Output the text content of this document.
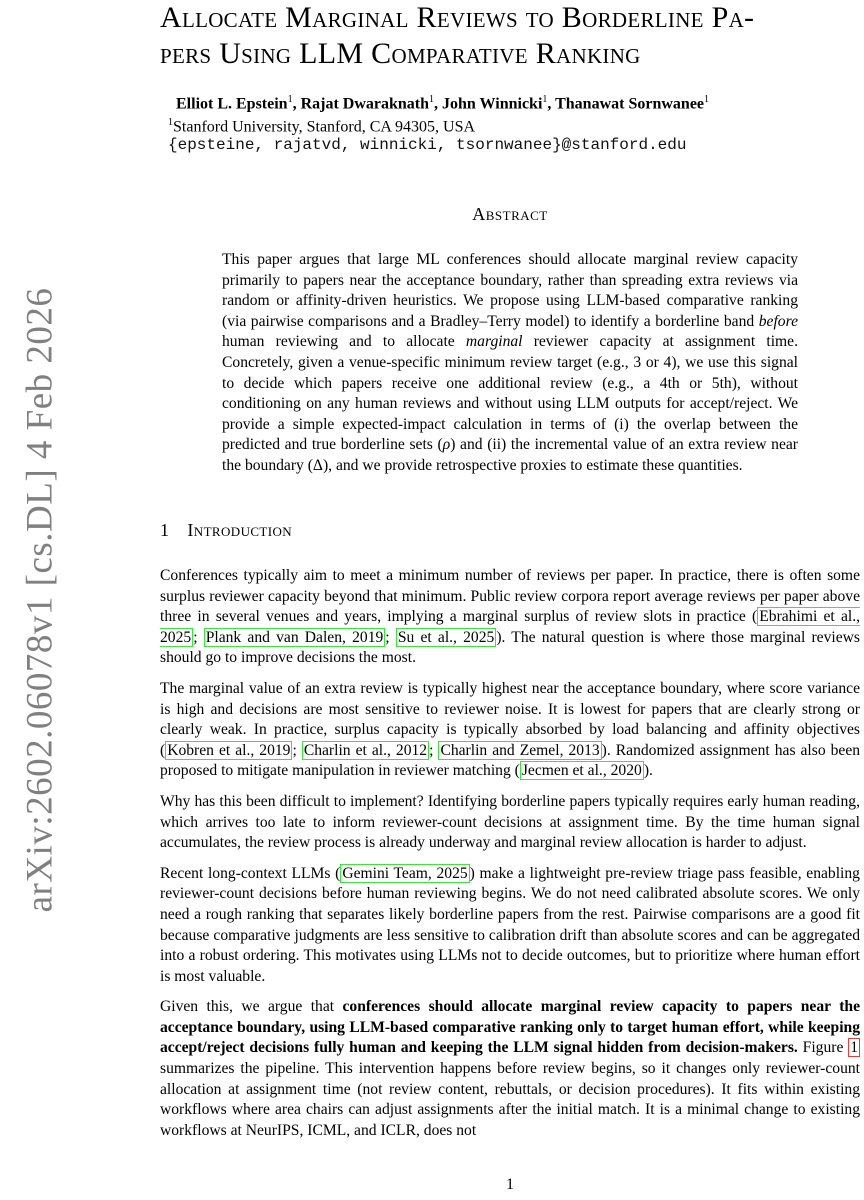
arXiv:2602.06078v1 [cs.DL] 4 Feb 2026
Allocate Marginal Reviews to Borderline Pa-
pers Using LLM Comparative Ranking
Elliot L. Epstein$^1$, Rajat Dwaraknath$^1$, John Winnicki$^1$, Thanawat Sornwanee$^1$
$^1$Stanford University, Stanford, CA 94305, USA
{epsteine, rajatvd, winnicki, tsornwanee}@stanford.edu
Abstract

This paper argues that large ML conferences should allocate marginal review capacity primarily to papers near the acceptance boundary, rather than spreading extra reviews via random or affinity-driven heuristics. We propose using LLM-based comparative ranking (via pairwise comparisons and a Bradley–Terry model) to identify a borderline band before human reviewing and to allocate marginal reviewer capacity at assignment time. Concretely, given a venue-specific minimum review target (e.g., 3 or 4), we use this signal to decide which papers receive one additional review (e.g., a 4th or 5th), without conditioning on any human reviews and without using LLM outputs for accept/reject. We provide a simple expected-impact calculation in terms of (i) the overlap between the predicted and true borderline sets (ρ) and (ii) the incremental value of an extra review near the boundary (Δ), and we provide retrospective proxies to estimate these quantities.

1 Introduction

Conferences typically aim to meet a minimum number of reviews per paper. In practice, there is often some surplus reviewer capacity beyond that minimum. Public review corpora report average reviews per paper above three in several venues and years, implying a marginal surplus of review slots in practice ( Ebrahimi et al., 2025 ; Plank and van Dalen, 2019 ; Su et al., 2025 ). The natural question is where those marginal reviews should go to improve decisions the most.

The marginal value of an extra review is typically highest near the acceptance boundary, where score variance is high and decisions are most sensitive to reviewer noise. It is lowest for papers that are clearly strong or clearly weak. In practice, surplus capacity is typically absorbed by load balancing and affinity objectives ( Kobren et al., 2019 ; Charlin et al., 2012 ; Charlin and Zemel, 2013 ). Randomized assignment has also been proposed to mitigate manipulation in reviewer matching ( Jecmen et al., 2020 ).

Why has this been difficult to implement? Identifying borderline papers typically requires early human reading, which arrives too late to inform reviewer-count decisions at assignment time. By the time human signal accumulates, the review process is already underway and marginal review allocation is harder to adjust.

Recent long-context LLMs ( Gemini Team, 2025 ) make a lightweight pre-review triage pass feasible, enabling reviewer-count decisions before human reviewing begins. We do not need calibrated absolute scores. We only need a rough ranking that separates likely borderline papers from the rest. Pairwise comparisons are a good fit because comparative judgments are less sensitive to calibration drift than absolute scores and can be aggregated into a robust ordering. This motivates using LLMs not to decide outcomes, but to prioritize where human effort is most valuable.

Given this, we argue that conferences should allocate marginal review capacity to papers near the acceptance boundary, using LLM-based comparative ranking only to target human effort, while keeping accept/reject decisions fully human and keeping the LLM signal hidden from decision-makers. Figure 1 summarizes the pipeline. This intervention happens before review begins, so it changes only reviewer-count allocation at assignment time (not review content, rebuttals, or decision procedures). It fits within existing workflows where area chairs can adjust assignments after the initial match. It is a minimal change to existing workflows at NeurIPS, ICML, and ICLR, does not

1
